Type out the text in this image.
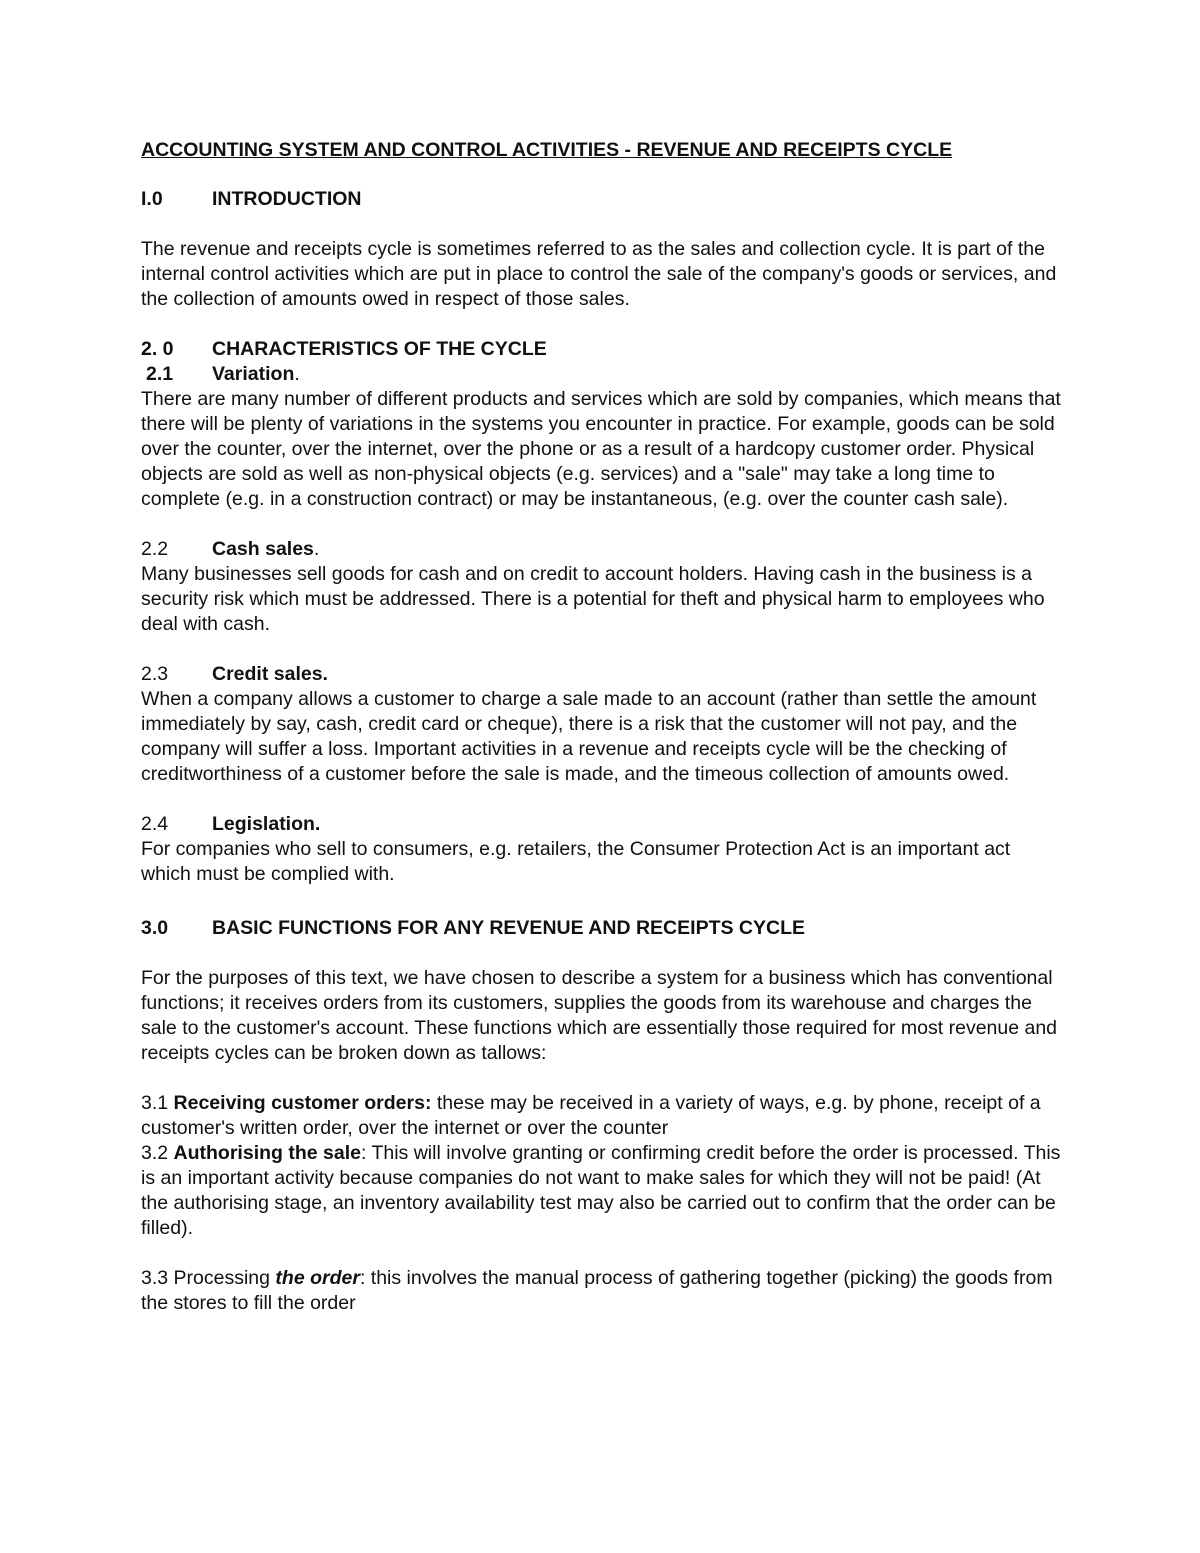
ACCOUNTING SYSTEM AND CONTROL ACTIVITIES - REVENUE AND RECEIPTS CYCLE
I.0	INTRODUCTION

The revenue and receipts cycle is sometimes referred to as the sales and collection cycle. It is part of the internal control activities which are put in place to control the sale of the company's goods or services, and the collection of amounts owed in respect of those sales.

2. 0	CHARACTERISTICS OF THE CYCLE
2.1	Variation.

There are many number of different products and services which are sold by companies, which means that there will be plenty of variations in the systems you encounter in practice. For example, goods can be sold over the counter, over the internet, over the phone or as a result of a hardcopy customer order. Physical objects are sold as well as non-physical objects (e.g. services) and a "sale" may take a long time to complete (e.g. in a construction contract) or may be instantaneous, (e.g. over the counter cash sale).

2.2	Cash sales.

Many businesses sell goods for cash and on credit to account holders. Having cash in the business is a security risk which must be addressed. There is a potential for theft and physical harm to employees who deal with cash.

2.3	Credit sales.

When a company allows a customer to charge a sale made to an account (rather than settle the amount immediately by say, cash, credit card or cheque), there is a risk that the customer will not pay, and the company will suffer a loss. Important activities in a revenue and receipts cycle will be the checking of creditworthiness of a customer before the sale is made, and the timeous collection of amounts owed.

2.4	Legislation.

For companies who sell to consumers, e.g. retailers, the Consumer Protection Act is an important act which must be complied with.

3.0	BASIC FUNCTIONS FOR ANY REVENUE AND RECEIPTS CYCLE

For the purposes of this text, we have chosen to describe a system for a business which has conventional functions; it receives orders from its customers, supplies the goods from its warehouse and charges the sale to the customer's account. These functions which are essentially those required for most revenue and receipts cycles can be broken down as tallows:

3.1 Receiving customer orders: these may be received in a variety of ways, e.g. by phone, receipt of a customer's written order, over the internet or over the counter

3.2 Authorising the sale: This will involve granting or confirming credit before the order is processed. This is an important activity because companies do not want to make sales for which they will not be paid! (At the authorising stage, an inventory availability test may also be carried out to confirm that the order can be filled).

3.3 Processing the order: this involves the manual process of gathering together (picking) the goods from the stores to fill the order
